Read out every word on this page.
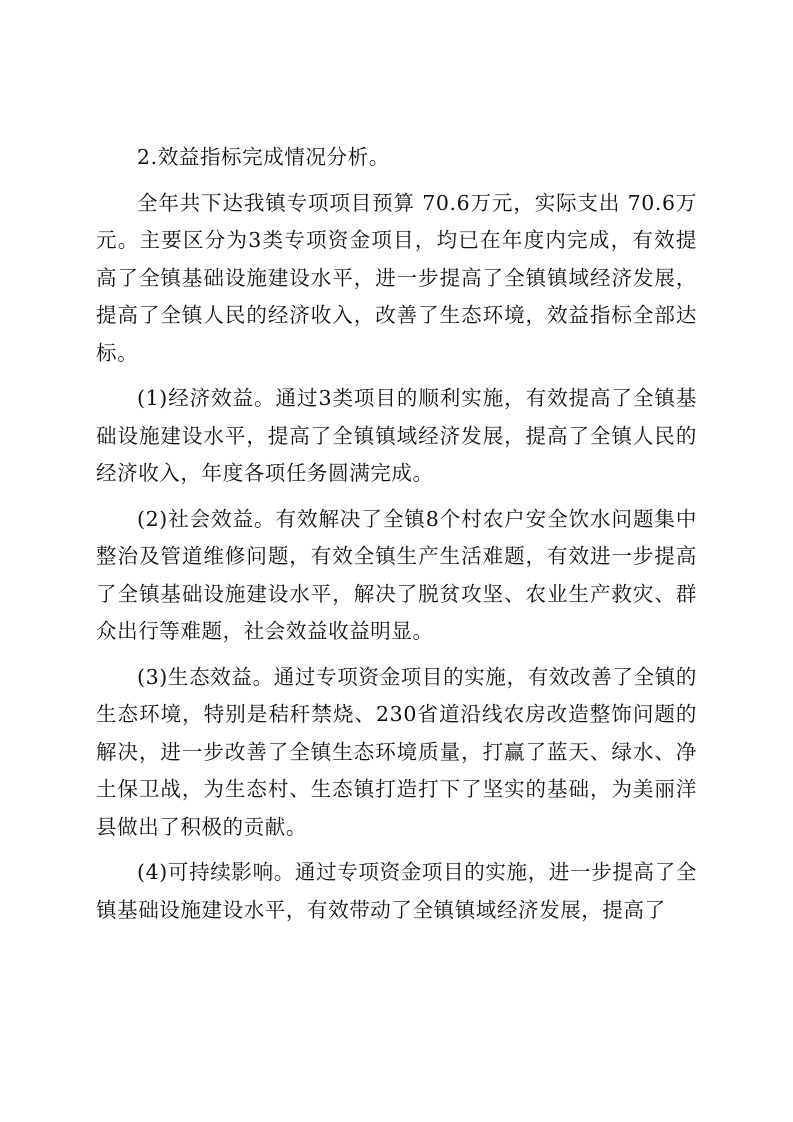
2.效益指标完成情况分析。

全年共下达我镇专项项目预算 70.6万元，实际支出 70.6万元。主要区分为3类专项资金项目，均已在年度内完成，有效提高了全镇基础设施建设水平，进一步提高了全镇镇域经济发展，提高了全镇人民的经济收入，改善了生态环境，效益指标全部达标。

(1)经济效益。通过3类项目的顺利实施，有效提高了全镇基础设施建设水平，提高了全镇镇域经济发展，提高了全镇人民的经济收入，年度各项任务圆满完成。

(2)社会效益。有效解决了全镇8个村农户安全饮水问题集中整治及管道维修问题，有效全镇生产生活难题，有效进一步提高了全镇基础设施建设水平，解决了脱贫攻坚、农业生产救灾、群众出行等难题，社会效益收益明显。

(3)生态效益。通过专项资金项目的实施，有效改善了全镇的生态环境，特别是秸秆禁烧、230省道沿线农房改造整饰问题的解决，进一步改善了全镇生态环境质量，打赢了蓝天、绿水、净土保卫战，为生态村、生态镇打造打下了坚实的基础，为美丽洋县做出了积极的贡献。

(4)可持续影响。通过专项资金项目的实施，进一步提高了全镇基础设施建设水平，有效带动了全镇镇域经济发展，提高了
